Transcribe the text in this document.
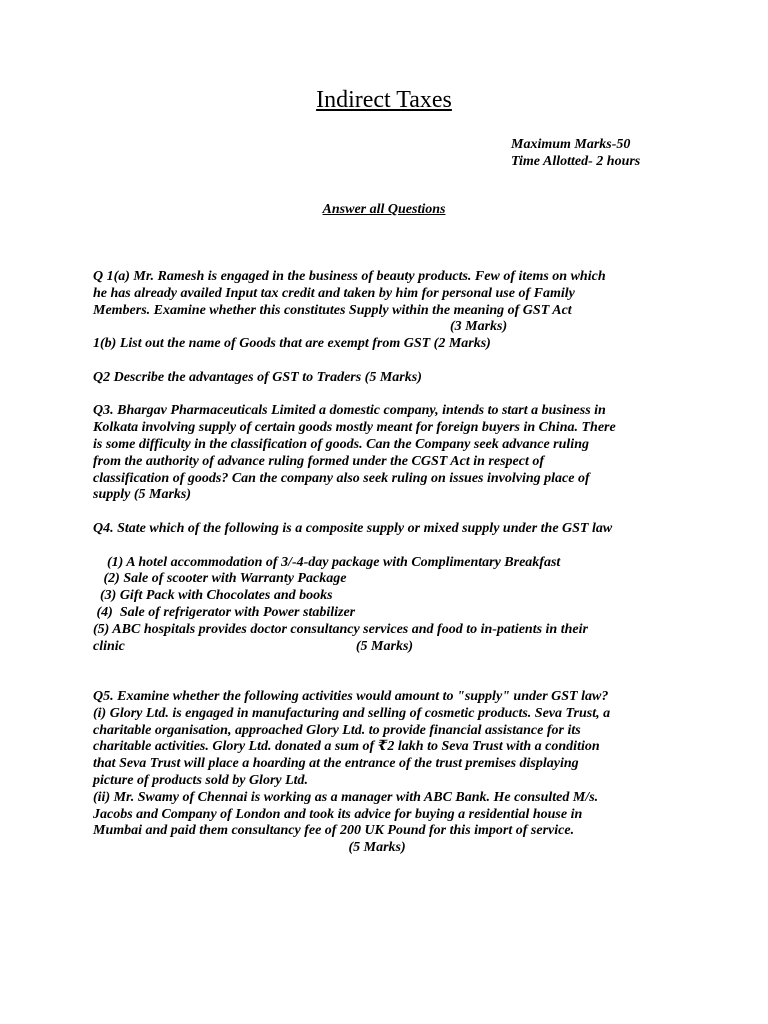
Indirect Taxes
Maximum Marks-50
Time Allotted- 2 hours
Answer all Questions
Q 1(a) Mr. Ramesh is engaged in the business of beauty products. Few of items on which
he has already availed Input tax credit and taken by him for personal use of Family
Members. Examine whether this constitutes Supply within the meaning of GST Act
(3 Marks)
1(b) List out the name of Goods that are exempt from GST (2 Marks)
Q2 Describe the advantages of GST to Traders (5 Marks)
Q3. Bhargav Pharmaceuticals Limited a domestic company, intends to start a business in
Kolkata involving supply of certain goods mostly meant for foreign buyers in China. There
is some difficulty in the classification of goods. Can the Company seek advance ruling
from the authority of advance ruling formed under the CGST Act in respect of
classification of goods? Can the company also seek ruling on issues involving place of
supply (5 Marks)
Q4. State which of the following is a composite supply or mixed supply under the GST law
(1) A hotel accommodation of 3/-4-day package with Complimentary Breakfast
(2) Sale of scooter with Warranty Package
(3) Gift Pack with Chocolates and books
(4)  Sale of refrigerator with Power stabilizer
(5) ABC hospitals provides doctor consultancy services and food to in-patients in their
clinic                                                                  (5 Marks)
Q5. Examine whether the following activities would amount to "supply" under GST law?
(i) Glory Ltd. is engaged in manufacturing and selling of cosmetic products. Seva Trust, a
charitable organisation, approached Glory Ltd. to provide financial assistance for its
charitable activities. Glory Ltd. donated a sum of ₹2 lakh to Seva Trust with a condition
that Seva Trust will place a hoarding at the entrance of the trust premises displaying
picture of products sold by Glory Ltd.
(ii) Mr. Swamy of Chennai is working as a manager with ABC Bank. He consulted M/s.
Jacobs and Company of London and took its advice for buying a residential house in
Mumbai and paid them consultancy fee of 200 UK Pound for this import of service.
(5 Marks)
